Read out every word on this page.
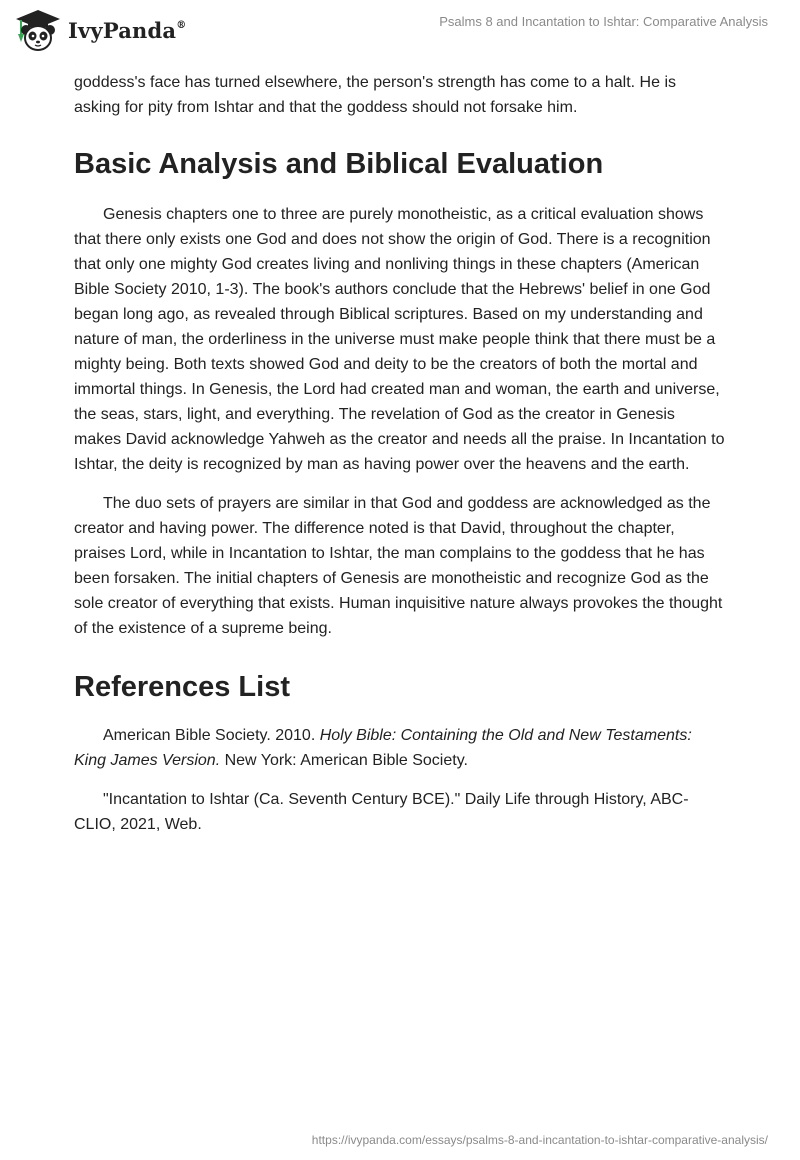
IvyPanda®	Psalms 8 and Incantation to Ishtar: Comparative Analysis

goddess's face has turned elsewhere, the person's strength has come to a halt. He is asking for pity from Ishtar and that the goddess should not forsake him.

Basic Analysis and Biblical Evaluation

Genesis chapters one to three are purely monotheistic, as a critical evaluation shows that there only exists one God and does not show the origin of God. There is a recognition that only one mighty God creates living and nonliving things in these chapters (American Bible Society 2010, 1-3). The book's authors conclude that the Hebrews' belief in one God began long ago, as revealed through Biblical scriptures. Based on my understanding and nature of man, the orderliness in the universe must make people think that there must be a mighty being. Both texts showed God and deity to be the creators of both the mortal and immortal things. In Genesis, the Lord had created man and woman, the earth and universe, the seas, stars, light, and everything. The revelation of God as the creator in Genesis makes David acknowledge Yahweh as the creator and needs all the praise. In Incantation to Ishtar, the deity is recognized by man as having power over the heavens and the earth.

The duo sets of prayers are similar in that God and goddess are acknowledged as the creator and having power. The difference noted is that David, throughout the chapter, praises Lord, while in Incantation to Ishtar, the man complains to the goddess that he has been forsaken. The initial chapters of Genesis are monotheistic and recognize God as the sole creator of everything that exists. Human inquisitive nature always provokes the thought of the existence of a supreme being.

References List

American Bible Society. 2010. Holy Bible: Containing the Old and New Testaments: King James Version. New York: American Bible Society.

"Incantation to Ishtar (Ca. Seventh Century BCE)." Daily Life through History, ABC-CLIO, 2021, Web.

https://ivypanda.com/essays/psalms-8-and-incantation-to-ishtar-comparative-analysis/
